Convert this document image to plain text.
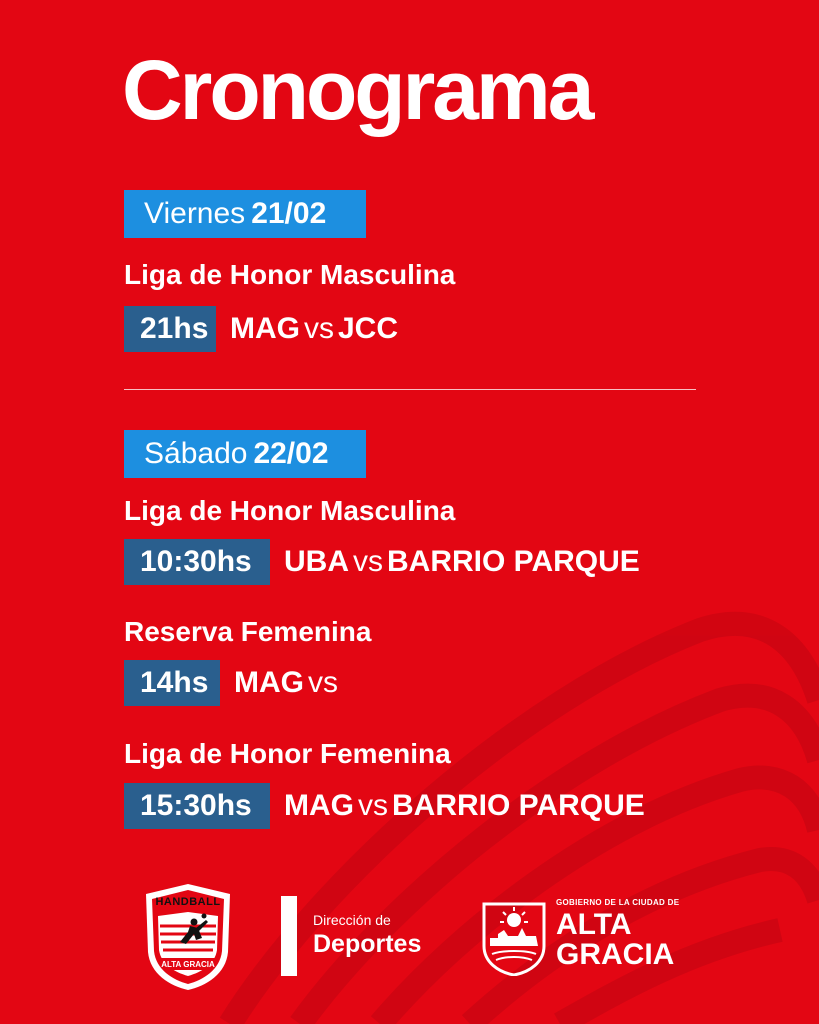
Cronograma
Viernes 21/02
Liga de Honor Masculina
21hs MAG vs JCC
Sábado 22/02
Liga de Honor Masculina
10:30hs	UBA vs BARRIO PARQUE
Reserva Femenina
14hs MAG vs
Liga de Honor Femenina
15:30hs	MAG vs BARRIO PARQUE
HANDBALL
ALTA GRACIA
Dirección de
Deportes
GOBIERNO DE LA CIUDAD DE
ALTA
GRACIA
